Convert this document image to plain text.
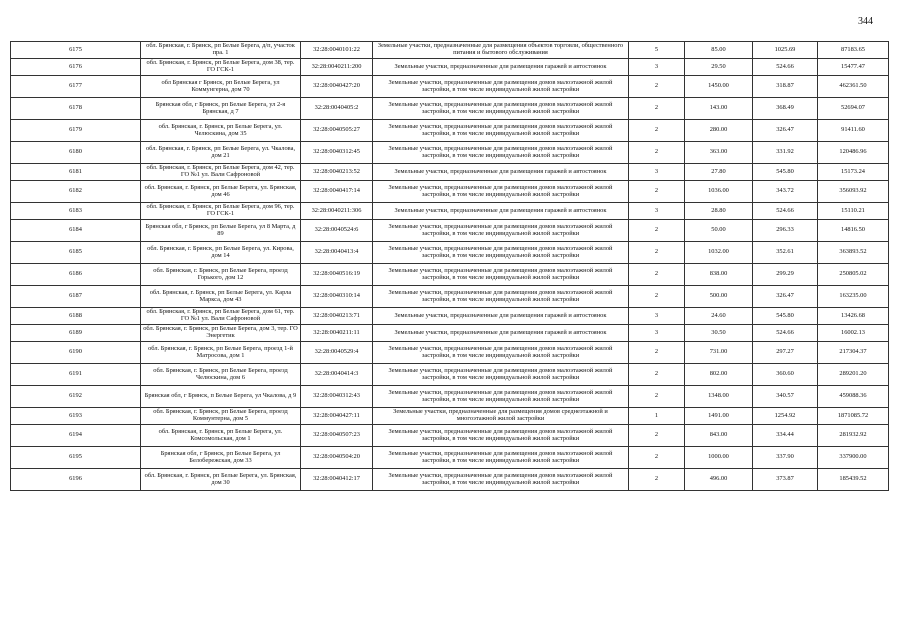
344
6175	обл. Брянская, г. Брянск, рп Белые Берега, д/п, участок пра. 1	32:28:0040101:22	Земельные участки, предназначенные для размещения объектов торговли, общественного питания и бытового обслуживания	5	85.00	1025.69	87183.65
6176	обл. Брянская, г. Брянск, рп Белые Берега, дом 38, тер. ГО ГСК-1	32:28:0040211:200	Земельные участки, предназначенные для размещения гаражей и автостоянок	3	29.50	524.66	15477.47
6177	обл Брянская г Брянск, рп Белые Берега, ул Коммунгерна, дом 70	32:28:0040427:20	Земельные участки, предназначенные для размещения домов малоэтажной жилой застройки, в том числе индивидуальной жилой застройки	2	1450.00	318.87	462361.50
6178	Брянская обл, г Брянск, рп Белые Берега, ул 2-я Брянская, д 7	32:28:0040405:2	Земельные участки, предназначенные для размещения домов малоэтажной жилой застройки, в том числе индивидуальной жилой застройки	2	143.00	368.49	52694.07
6179	обл. Брянская, г. Брянск, рп Белые Берега, ул. Челюскина, дом 35	32:28:0040505:27	Земельные участки, предназначенные для размещения домов малоэтажной жилой застройки, в том числе индивидуальной жилой застройки	2	280.00	326.47	91411.60
6180	обл. Брянская, г. Брянск, рп Белые Берега, ул. Чкалова, дом 21	32:28:0040312:45	Земельные участки, предназначенные для размещения домов малоэтажной жилой застройки, в том числе индивидуальной жилой застройки	2	363.00	331.92	120486.96
6181	обл. Брянская, г. Брянск, рп Белые Берега, дом 42, тер. ГО №1 ул. Вали Сафроновой	32:28:0040213:52	Земельные участки, предназначенные для размещения гаражей и автостоянок	3	27.80	545.80	15173.24
6182	обл. Брянская, г. Брянск, рп Белые Берега, ул. Брянская, дом 46	32:28:0040417:14	Земельные участки, предназначенные для размещения домов малоэтажной жилой застройки, в том числе индивидуальной жилой застройки	2	1036.00	343.72	356093.92
6183	обл. Брянская, г. Брянск, рп Белые Берега, дом 96, тер. ГО ГСК-1	32:28:0040211:306	Земельные участки, предназначенные для размещения гаражей и автостоянок	3	28.80	524.66	15110.21
6184	Брянская обл, г Брянск, рп Белые Берега, ул 8 Марта, д 89	32:28:0040524:6	Земельные участки, предназначенные для размещения домов малоэтажной жилой застройки, в том числе индивидуальной жилой застройки	2	50.00	296.33	14816.50
6185	обл. Брянская, г. Брянск, рп Белые Берега, ул. Кирова, дом 14	32:28:0040413:4	Земельные участки, предназначенные для размещения домов малоэтажной жилой застройки, в том числе индивидуальной жилой застройки	2	1032.00	352.61	363893.52
6186	обл. Брянская, г. Брянск, рп Белые Берега, проезд Горького, дом 12	32:28:0040516:19	Земельные участки, предназначенные для размещения домов малоэтажной жилой застройки, в том числе индивидуальной жилой застройки	2	838.00	299.29	250805.02
6187	обл. Брянская, г. Брянск, рп Белые Берега, ул. Карла Маркса, дом 43	32:28:0040310:14	Земельные участки, предназначенные для размещения домов малоэтажной жилой застройки, в том числе индивидуальной жилой застройки	2	500.00	326.47	163235.00
6188	обл. Брянская, г. Брянск, рп Белые Берега, дом 61, тер. ГО №1 ул. Вали Сафроновой	32:28:0040213:71	Земельные участки, предназначенные для размещения гаражей и автостоянок	3	24.60	545.80	13426.68
6189	обл. Брянская, г. Брянск, рп Белые Берега, дом 3, тер. ГО Энергетик	32:28:0040211:11	Земельные участки, предназначенные для размещения гаражей и автостоянок	3	30.50	524.66	16002.13
6190	обл. Брянская, г. Брянск, рп Белые Берега, проезд 1-й Матросова, дом 1	32:28:0040529:4	Земельные участки, предназначенные для размещения домов малоэтажной жилой застройки, в том числе индивидуальной жилой застройки	2	731.00	297.27	217304.37
6191	обл. Брянская, г. Брянск, рп Белые Берега, проезд Челюскина, дом 6	32:28:0040414:3	Земельные участки, предназначенные для размещения домов малоэтажной жилой застройки, в том числе индивидуальной жилой застройки	2	802.00	360.60	289201.20
6192	Брянская обл, г Брянск, п Белые Берега, ул Чкалова, д 9	32:28:0040312:43	Земельные участки, предназначенные для размещения домов малоэтажной жилой застройки, в том числе индивидуальной жилой застройки	2	1348.00	340.57	459088.36
6193	обл. Брянская, г. Брянск, рп Белые Берега, проезд Коммунтерна, дом 5	32:28:0040427:11	Земельные участки, предназначенные для размещения домов среднеэтажной и многоэтажной жилой застройки	1	1491.00	1254.92	1871085.72
6194	обл. Брянская, г. Брянск, рп Белые Берега, ул. Комсомольская, дом 1	32:28:0040507:23	Земельные участки, предназначенные для размещения домов малоэтажной жилой застройки, в том числе индивидуальной жилой застройки	2	843.00	334.44	281932.92
6195	Брянская обл, г Брянск, рп Белые Берега, ул Белобережская, дом 33	32:28:0040504:20	Земельные участки, предназначенные для размещения домов малоэтажной жилой застройки, в том числе индивидуальной жилой застройки	2	1000.00	337.90	337900.00
6196	обл. Брянская, г. Брянск, рп Белые Берега, ул. Брянская, дом 30	32:28:0040412:17	Земельные участки, предназначенные для размещения домов малоэтажной жилой застройки, в том числе индивидуальной жилой застройки	2	496.00	373.87	185439.52
